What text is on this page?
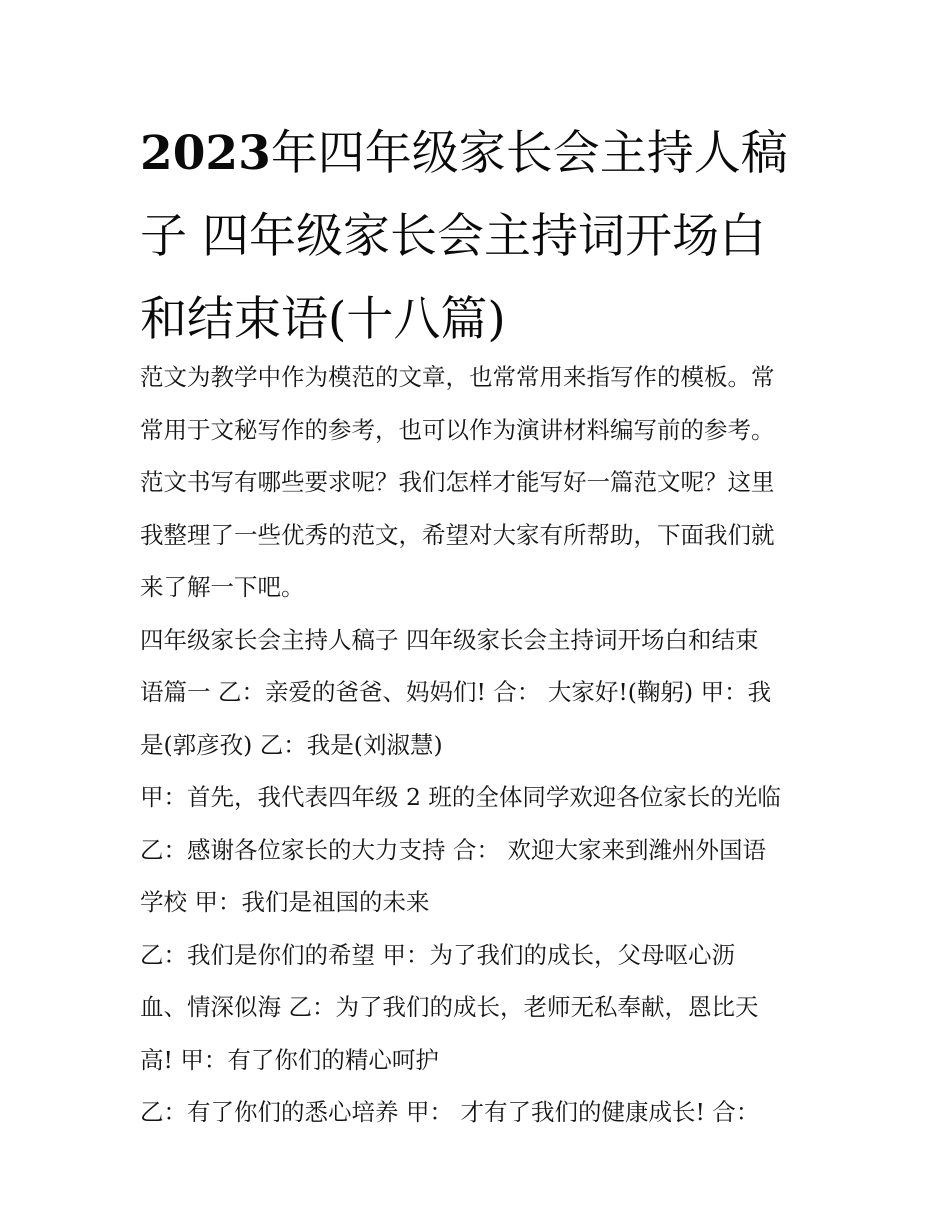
2023年四年级家长会主持人稿
子 四年级家长会主持词开场白
和结束语(十八篇)
范文为教学中作为模范的文章，也常常用来指写作的模板。常
常用于文秘写作的参考，也可以作为演讲材料编写前的参考。
范文书写有哪些要求呢？我们怎样才能写好一篇范文呢？这里
我整理了一些优秀的范文，希望对大家有所帮助，下面我们就
来了解一下吧。
四年级家长会主持人稿子 四年级家长会主持词开场白和结束
语篇一 乙：亲爱的爸爸、妈妈们! 合： 大家好!(鞠躬) 甲：我
是(郭彦孜) 乙：我是(刘淑慧)
甲：首先，我代表四年级 2 班的全体同学欢迎各位家长的光临
乙：感谢各位家长的大力支持 合： 欢迎大家来到潍州外国语
学校 甲：我们是祖国的未来
乙：我们是你们的希望 甲：为了我们的成长，父母呕心沥
血、情深似海 乙：为了我们的成长，老师无私奉献，恩比天
高! 甲：有了你们的精心呵护
乙：有了你们的悉心培养 甲： 才有了我们的健康成长! 合：
